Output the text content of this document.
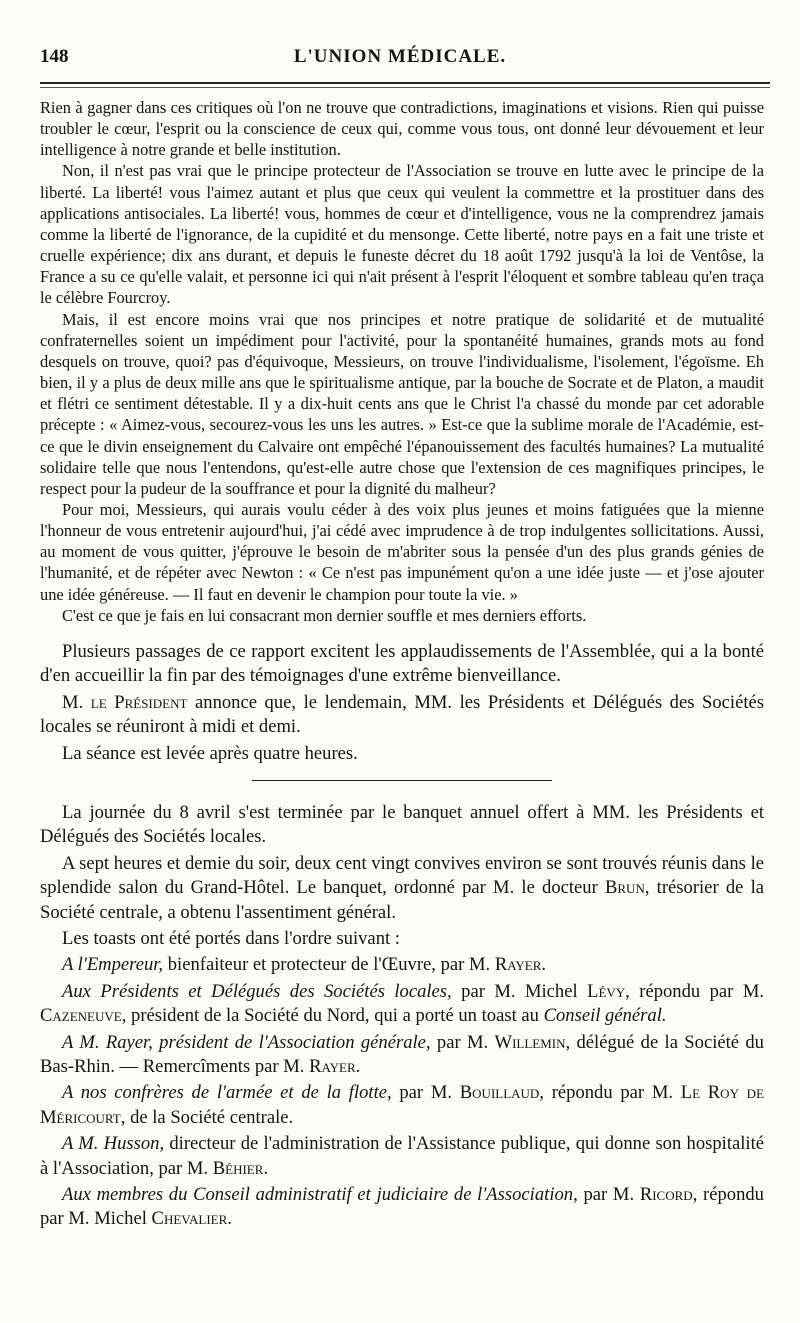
148	L'UNION MÉDICALE.

Rien à gagner dans ces critiques où l'on ne trouve que contradictions, imaginations et visions. Rien qui puisse troubler le cœur, l'esprit ou la conscience de ceux qui, comme vous tous, ont donné leur dévouement et leur intelligence à notre grande et belle institution.

Non, il n'est pas vrai que le principe protecteur de l'Association se trouve en lutte avec le principe de la liberté. La liberté! vous l'aimez autant et plus que ceux qui veulent la commettre et la prostituer dans des applications antisociales. La liberté! vous, hommes de cœur et d'intelligence, vous ne la comprendrez jamais comme la liberté de l'ignorance, de la cupidité et du mensonge. Cette liberté, notre pays en a fait une triste et cruelle expérience; dix ans durant, et depuis le funeste décret du 18 août 1792 jusqu'à la loi de Ventôse, la France a su ce qu'elle valait, et personne ici qui n'ait présent à l'esprit l'éloquent et sombre tableau qu'en traça le célèbre Fourcroy.

Mais, il est encore moins vrai que nos principes et notre pratique de solidarité et de mutualité confraternelles soient un impédiment pour l'activité, pour la spontanéité humaines, grands mots au fond desquels on trouve, quoi? pas d'équivoque, Messieurs, on trouve l'individualisme, l'isolement, l'égoïsme. Eh bien, il y a plus de deux mille ans que le spiritualisme antique, par la bouche de Socrate et de Platon, a maudit et flétri ce sentiment détestable. Il y a dix-huit cents ans que le Christ l'a chassé du monde par cet adorable précepte : « Aimez-vous, secourez-vous les uns les autres. » Est-ce que la sublime morale de l'Académie, est-ce que le divin enseignement du Calvaire ont empêché l'épanouissement des facultés humaines? La mutualité solidaire telle que nous l'entendons, qu'est-elle autre chose que l'extension de ces magnifiques principes, le respect pour la pudeur de la souffrance et pour la dignité du malheur?

Pour moi, Messieurs, qui aurais voulu céder à des voix plus jeunes et moins fatiguées que la mienne l'honneur de vous entretenir aujourd'hui, j'ai cédé avec imprudence à de trop indulgentes sollicitations. Aussi, au moment de vous quitter, j'éprouve le besoin de m'abriter sous la pensée d'un des plus grands génies de l'humanité, et de répéter avec Newton : « Ce n'est pas impunément qu'on a une idée juste — et j'ose ajouter une idée généreuse. — Il faut en devenir le champion pour toute la vie. »

C'est ce que je fais en lui consacrant mon dernier souffle et mes derniers efforts.

Plusieurs passages de ce rapport excitent les applaudissements de l'Assemblée, qui a la bonté d'en accueillir la fin par des témoignages d'une extrême bienveillance.

M. le Président annonce que, le lendemain, MM. les Présidents et Délégués des Sociétés locales se réuniront à midi et demi.

La séance est levée après quatre heures.

La journée du 8 avril s'est terminée par le banquet annuel offert à MM. les Présidents et Délégués des Sociétés locales.

A sept heures et demie du soir, deux cent vingt convives environ se sont trouvés réunis dans le splendide salon du Grand-Hôtel. Le banquet, ordonné par M. le docteur Brun, trésorier de la Société centrale, a obtenu l'assentiment général.

Les toasts ont été portés dans l'ordre suivant :

A l'Empereur, bienfaiteur et protecteur de l'Œuvre, par M. Rayer.

Aux Présidents et Délégués des Sociétés locales, par M. Michel Lévy, répondu par M. Cazeneuve, président de la Société du Nord, qui a porté un toast au Conseil général.

A M. Rayer, président de l'Association générale, par M. Willemin, délégué de la Société du Bas-Rhin. — Remercîments par M. Rayer.

A nos confrères de l'armée et de la flotte, par M. Bouillaud, répondu par M. Le Roy de Méricourt, de la Société centrale.

A M. Husson, directeur de l'administration de l'Assistance publique, qui donne son hospitalité à l'Association, par M. Béhier.

Aux membres du Conseil administratif et judiciaire de l'Association, par M. Ricord, répondu par M. Michel Chevalier.
